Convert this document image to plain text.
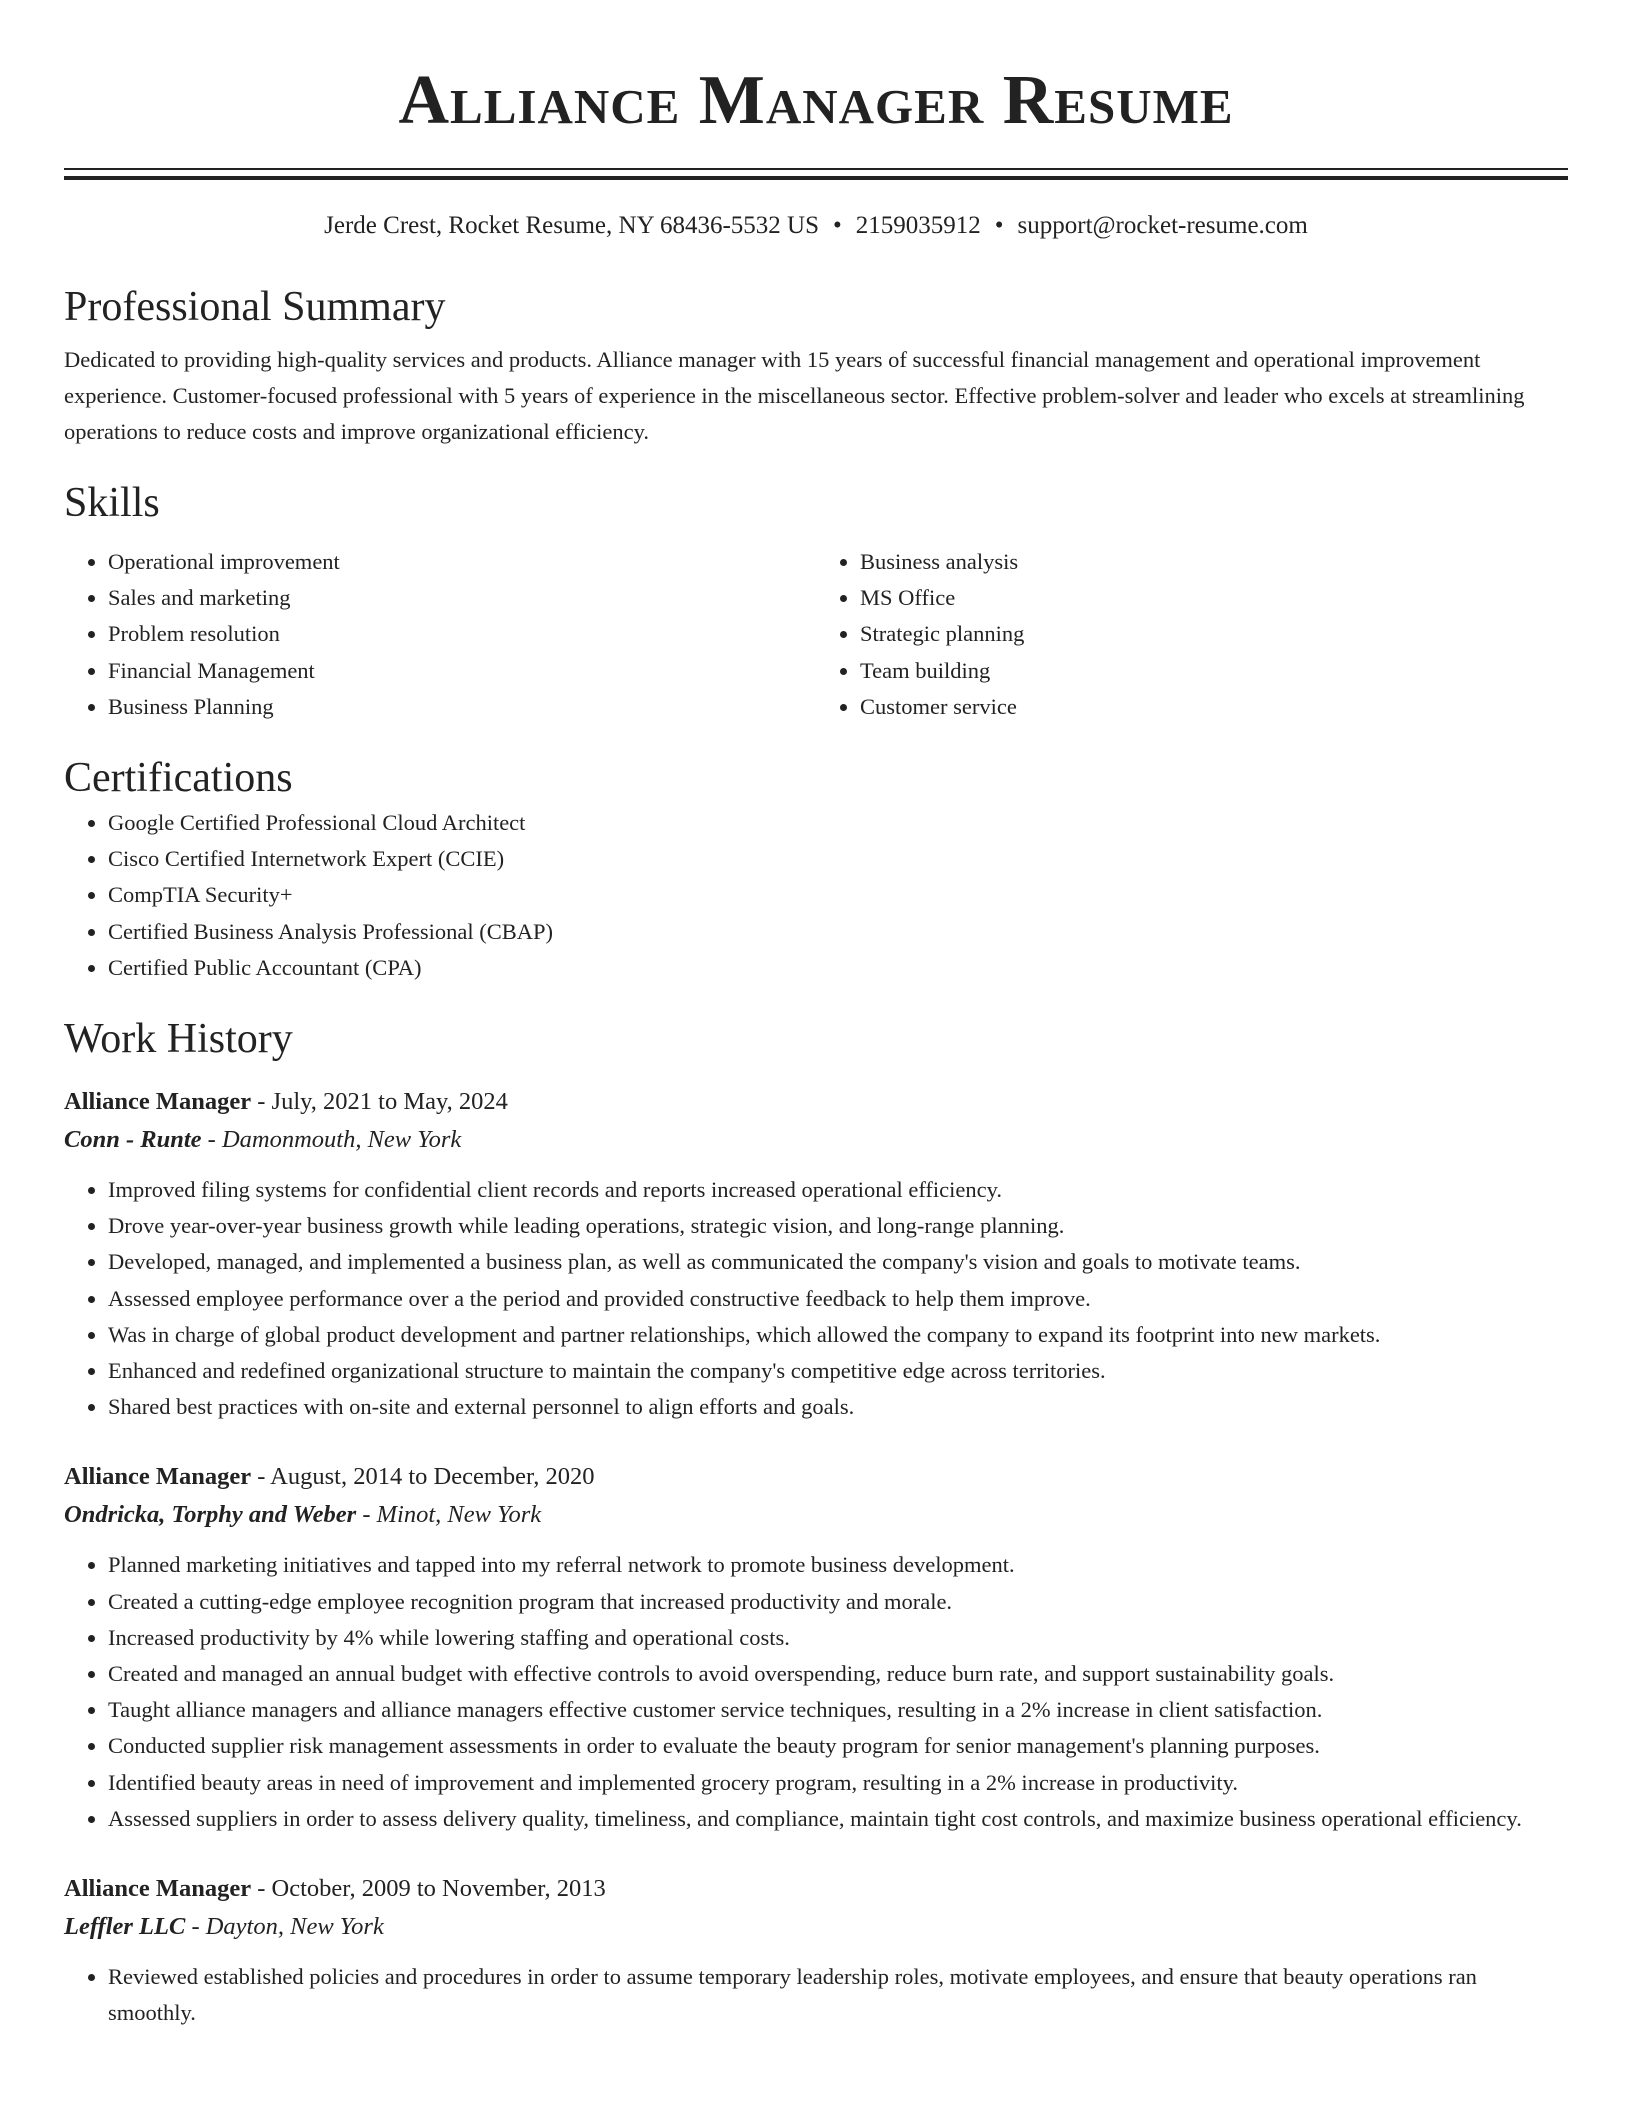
Alliance Manager Resume
Jerde Crest, Rocket Resume, NY 68436-5532 US • 2159035912 • support@rocket-resume.com
Professional Summary
Dedicated to providing high-quality services and products. Alliance manager with 15 years of successful financial management and operational improvement experience. Customer-focused professional with 5 years of experience in the miscellaneous sector. Effective problem-solver and leader who excels at streamlining operations to reduce costs and improve organizational efficiency.
Skills
• Operational improvement
• Sales and marketing
• Problem resolution
• Financial Management
• Business Planning
• Business analysis
• MS Office
• Strategic planning
• Team building
• Customer service
Certifications
• Google Certified Professional Cloud Architect
• Cisco Certified Internetwork Expert (CCIE)
• CompTIA Security+
• Certified Business Analysis Professional (CBAP)
• Certified Public Accountant (CPA)
Work History
Alliance Manager - July, 2021 to May, 2024
Conn - Runte - Damonmouth, New York
• Improved filing systems for confidential client records and reports increased operational efficiency.
• Drove year-over-year business growth while leading operations, strategic vision, and long-range planning.
• Developed, managed, and implemented a business plan, as well as communicated the company's vision and goals to motivate teams.
• Assessed employee performance over a the period and provided constructive feedback to help them improve.
• Was in charge of global product development and partner relationships, which allowed the company to expand its footprint into new markets.
• Enhanced and redefined organizational structure to maintain the company's competitive edge across territories.
• Shared best practices with on-site and external personnel to align efforts and goals.
Alliance Manager - August, 2014 to December, 2020
Ondricka, Torphy and Weber - Minot, New York
• Planned marketing initiatives and tapped into my referral network to promote business development.
• Created a cutting-edge employee recognition program that increased productivity and morale.
• Increased productivity by 4% while lowering staffing and operational costs.
• Created and managed an annual budget with effective controls to avoid overspending, reduce burn rate, and support sustainability goals.
• Taught alliance managers and alliance managers effective customer service techniques, resulting in a 2% increase in client satisfaction.
• Conducted supplier risk management assessments in order to evaluate the beauty program for senior management's planning purposes.
• Identified beauty areas in need of improvement and implemented grocery program, resulting in a 2% increase in productivity.
• Assessed suppliers in order to assess delivery quality, timeliness, and compliance, maintain tight cost controls, and maximize business operational efficiency.
Alliance Manager - October, 2009 to November, 2013
Leffler LLC - Dayton, New York
• Reviewed established policies and procedures in order to assume temporary leadership roles, motivate employees, and ensure that beauty operations ran smoothly.
